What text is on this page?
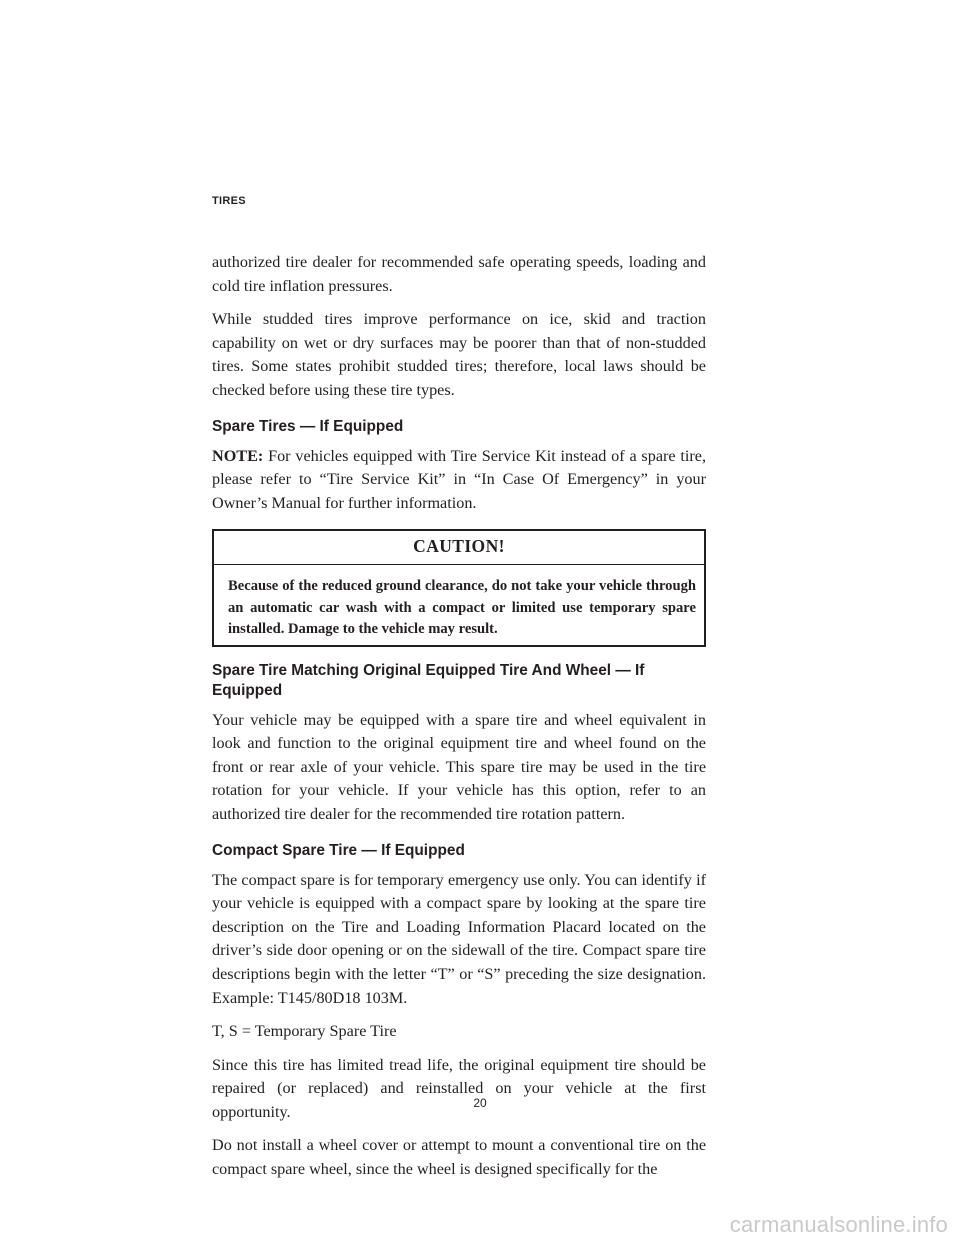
TIRES

authorized tire dealer for recommended safe operating speeds, loading and cold tire inflation pressures.

While studded tires improve performance on ice, skid and traction capability on wet or dry surfaces may be poorer than that of non-studded tires. Some states prohibit studded tires; therefore, local laws should be checked before using these tire types.

Spare Tires — If Equipped

NOTE: For vehicles equipped with Tire Service Kit instead of a spare tire, please refer to “Tire Service Kit” in “In Case Of Emergency” in your Owner’s Manual for further information.

CAUTION!
Because of the reduced ground clearance, do not take your vehicle through an automatic car wash with a compact or limited use temporary spare installed. Damage to the vehicle may result.
Spare Tire Matching Original Equipped Tire And Wheel — If Equipped

Your vehicle may be equipped with a spare tire and wheel equivalent in look and function to the original equipment tire and wheel found on the front or rear axle of your vehicle. This spare tire may be used in the tire rotation for your vehicle. If your vehicle has this option, refer to an authorized tire dealer for the recommended tire rotation pattern.

Compact Spare Tire — If Equipped

The compact spare is for temporary emergency use only. You can identify if your vehicle is equipped with a compact spare by looking at the spare tire description on the Tire and Loading Information Placard located on the driver’s side door opening or on the sidewall of the tire. Compact spare tire descriptions begin with the letter “T” or “S” preceding the size designation. Example: T145/80D18 103M.

T, S = Temporary Spare Tire

Since this tire has limited tread life, the original equipment tire should be repaired (or replaced) and reinstalled on your vehicle at the first opportunity.

Do not install a wheel cover or attempt to mount a conventional tire on the compact spare wheel, since the wheel is designed specifically for the

20
carmanualsonline.info
